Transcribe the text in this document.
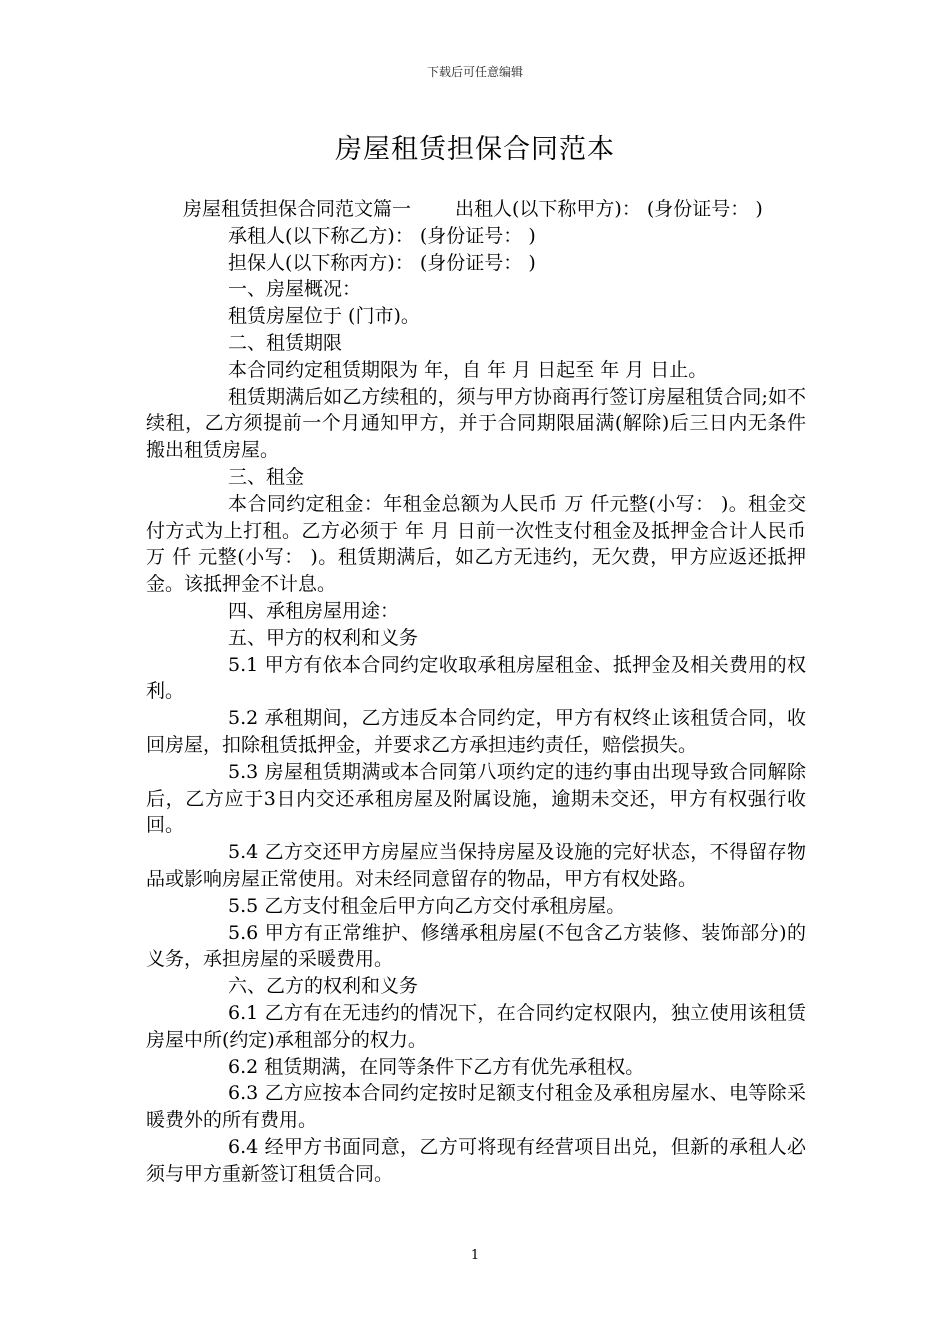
下载后可任意编辑
房屋租赁担保合同范本

房屋租赁担保合同范文篇一 出租人(以下称甲方)： (身份证号： )

承租人(以下称乙方)： (身份证号： )

担保人(以下称丙方)： (身份证号： )

一、房屋概况：

租赁房屋位于 (门市)。

二、租赁期限

本合同约定租赁期限为 年，自 年 月 日起至 年 月 日止。

租赁期满后如乙方续租的，须与甲方协商再行签订房屋租赁合同;如不续租，乙方须提前一个月通知甲方，并于合同期限届满(解除)后三日内无条件搬出租赁房屋。

三、租金

本合同约定租金：年租金总额为人民币 万 仟元整(小写： )。租金交付方式为上打租。乙方必须于 年 月 日前一次性支付租金及抵押金合计人民币 万 仟 元整(小写： )。租赁期满后，如乙方无违约，无欠费，甲方应返还抵押金。该抵押金不计息。

四、承租房屋用途：

五、甲方的权利和义务

5.1 甲方有依本合同约定收取承租房屋租金、抵押金及相关费用的权利。

5.2 承租期间，乙方违反本合同约定，甲方有权终止该租赁合同，收回房屋，扣除租赁抵押金，并要求乙方承担违约责任，赔偿损失。

5.3 房屋租赁期满或本合同第八项约定的违约事由出现导致合同解除后，乙方应于3日内交还承租房屋及附属设施，逾期未交还，甲方有权强行收回。

5.4 乙方交还甲方房屋应当保持房屋及设施的完好状态，不得留存物品或影响房屋正常使用。对未经同意留存的物品，甲方有权处路。

5.5 乙方支付租金后甲方向乙方交付承租房屋。

5.6 甲方有正常维护、修缮承租房屋(不包含乙方装修、装饰部分)的义务，承担房屋的采暖费用。

六、乙方的权利和义务

6.1 乙方有在无违约的情况下，在合同约定权限内，独立使用该租赁房屋中所(约定)承租部分的权力。

6.2 租赁期满，在同等条件下乙方有优先承租权。

6.3 乙方应按本合同约定按时足额支付租金及承租房屋水、电等除采暖费外的所有费用。

6.4 经甲方书面同意，乙方可将现有经营项目出兑，但新的承租人必须与甲方重新签订租赁合同。

1
